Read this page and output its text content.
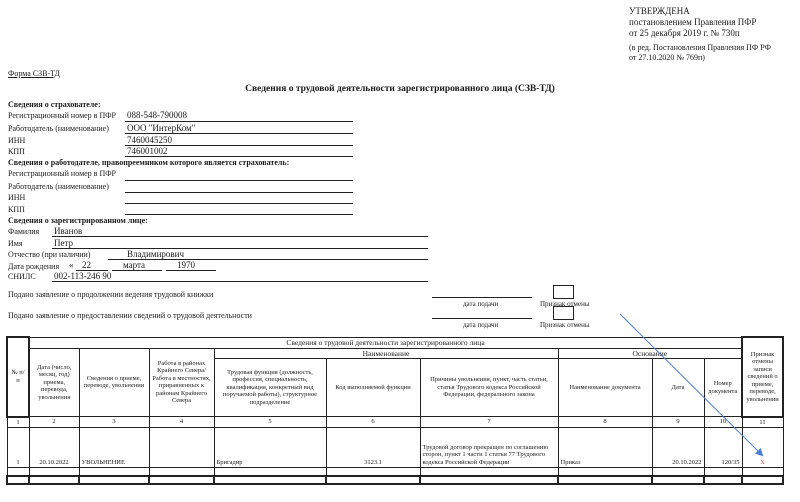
УТВЕРЖДЕНА
постановлением Правления ПФР
от 25 декабря 2019 г. № 730п
(в ред. Постановления Правления ПФ РФ
от 27.10.2020 № 769п)
Форма СЗВ-ТД
Сведения о трудовой деятельности зарегистрированного лица (СЗВ-ТД)
Сведения о страхователе:
Регистрационный номер в ПФР 088-548-790008
Работодатель (наименование) ООО "ИнтерКом"
ИНН	7460045250
КПП	746001002
Сведения о работодателе, правопреемником которого является страхователь:
Регистрационный номер в ПФР
Работодатель (наименование)
ИНН
КПП
Сведения о зарегистрированном лице:
Фамилия Иванов
Имя	Петр
Отчество (при наличии)	Владимирович
Дата рождения « 22	марта	1970
СНИЛС 002-113-246 90
Подано заявление о продолжении ведения трудовой книжки
дата подачи	Признак отмены
Подано заявление о предоставлении сведений о трудовой деятельности
дата подачи	Признак отмены
№ п/п	Сведения о трудовой деятельности зарегистрированного лица									Признак отмены записи сведений о приеме, переводе, увольнении
	Дата (число, месяц, год) приема, перевода, увольнения	Сведения о приеме, переводе, увольнении	Работа в районах Крайнего Севера/Работа в местностях, приравненных к районам Крайнего Севера	Наименование			Основание			
				Трудовая функция (должность, профессия, специальность, квалификация, конкретный вид поручаемой работы), структурное подразделение	Код выполняемой функции	Причины увольнения, пункт, часть статьи, статья Трудового кодекса Российской Федерации, федерального закона	Наименование документа	Дата	Номер документа	
1	2	3	4	5	6	7	8	9	10	11
1	20.10.2022	УВОЛЬНЕНИЕ		Бригадир	3123.1	Трудовой договор прекращен по соглашению сторон, пункт 1 части 1 статьи 77 Трудового кодекса Российской Федерации	Приказ	20.10.2022	120/35	X
